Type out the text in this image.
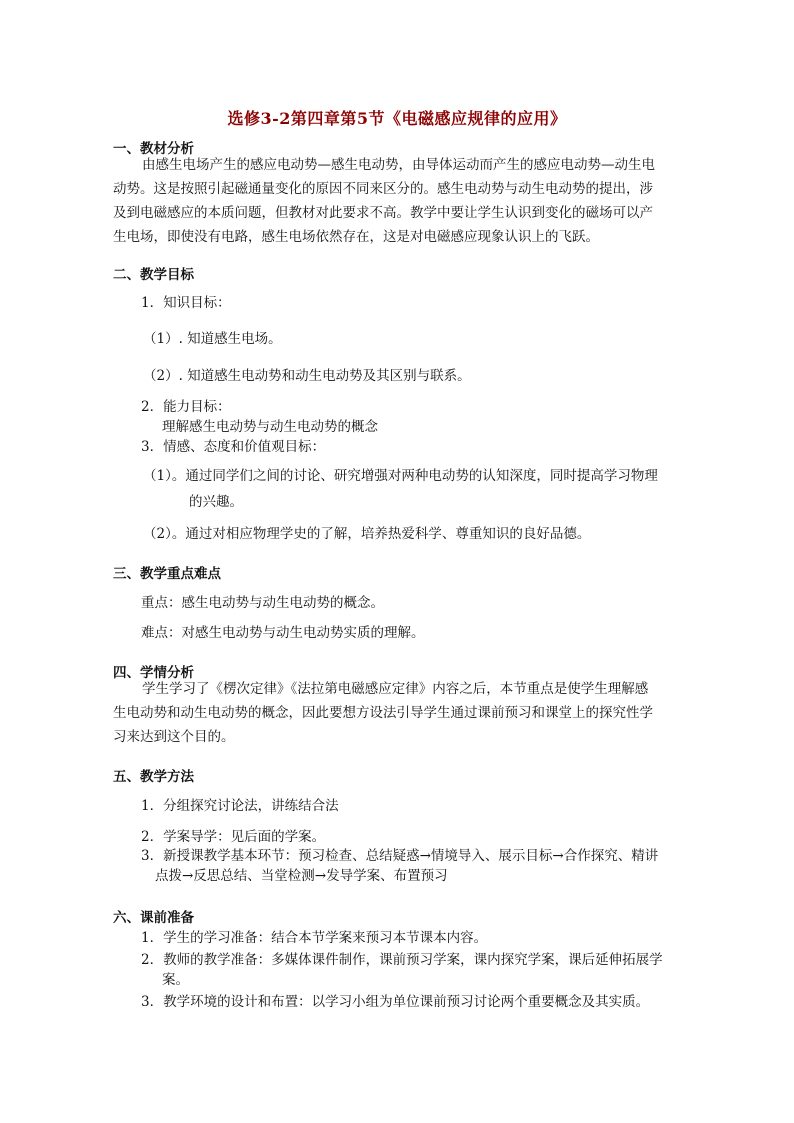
选修3-2第四章第5节《电磁感应规律的应用》
一、教材分析
由感生电场产生的感应电动势—感生电动势，由导体运动而产生的感应电动势—动生电
动势。这是按照引起磁通量变化的原因不同来区分的。感生电动势与动生电动势的提出，涉
及到电磁感应的本质问题，但教材对此要求不高。教学中要让学生认识到变化的磁场可以产
生电场，即使没有电路，感生电场依然存在，这是对电磁感应现象认识上的飞跃。
二、教学目标
1．知识目标：
（1）. 知道感生电场。
（2）. 知道感生电动势和动生电动势及其区别与联系。
2．能力目标：
理解感生电动势与动生电动势的概念
3．情感、态度和价值观目标：
（1）。通过同学们之间的讨论、研究增强对两种电动势的认知深度，同时提高学习物理
的兴趣。
（2）。通过对相应物理学史的了解，培养热爱科学、尊重知识的良好品德。
三、教学重点难点
重点：感生电动势与动生电动势的概念。
难点：对感生电动势与动生电动势实质的理解。
四、学情分析
学生学习了《楞次定律》《法拉第电磁感应定律》内容之后，本节重点是使学生理解感
生电动势和动生电动势的概念，因此要想方设法引导学生通过课前预习和课堂上的探究性学
习来达到这个目的。
五、教学方法
1．分组探究讨论法，讲练结合法
2．学案导学：见后面的学案。
3．新授课教学基本环节：预习检查、总结疑惑→情境导入、展示目标→合作探究、精讲
点拨→反思总结、当堂检测→发导学案、布置预习
六、课前准备
1．学生的学习准备：结合本节学案来预习本节课本内容。
2．教师的教学准备：多媒体课件制作，课前预习学案，课内探究学案，课后延伸拓展学
案。
3．教学环境的设计和布置：以学习小组为单位课前预习讨论两个重要概念及其实质。
